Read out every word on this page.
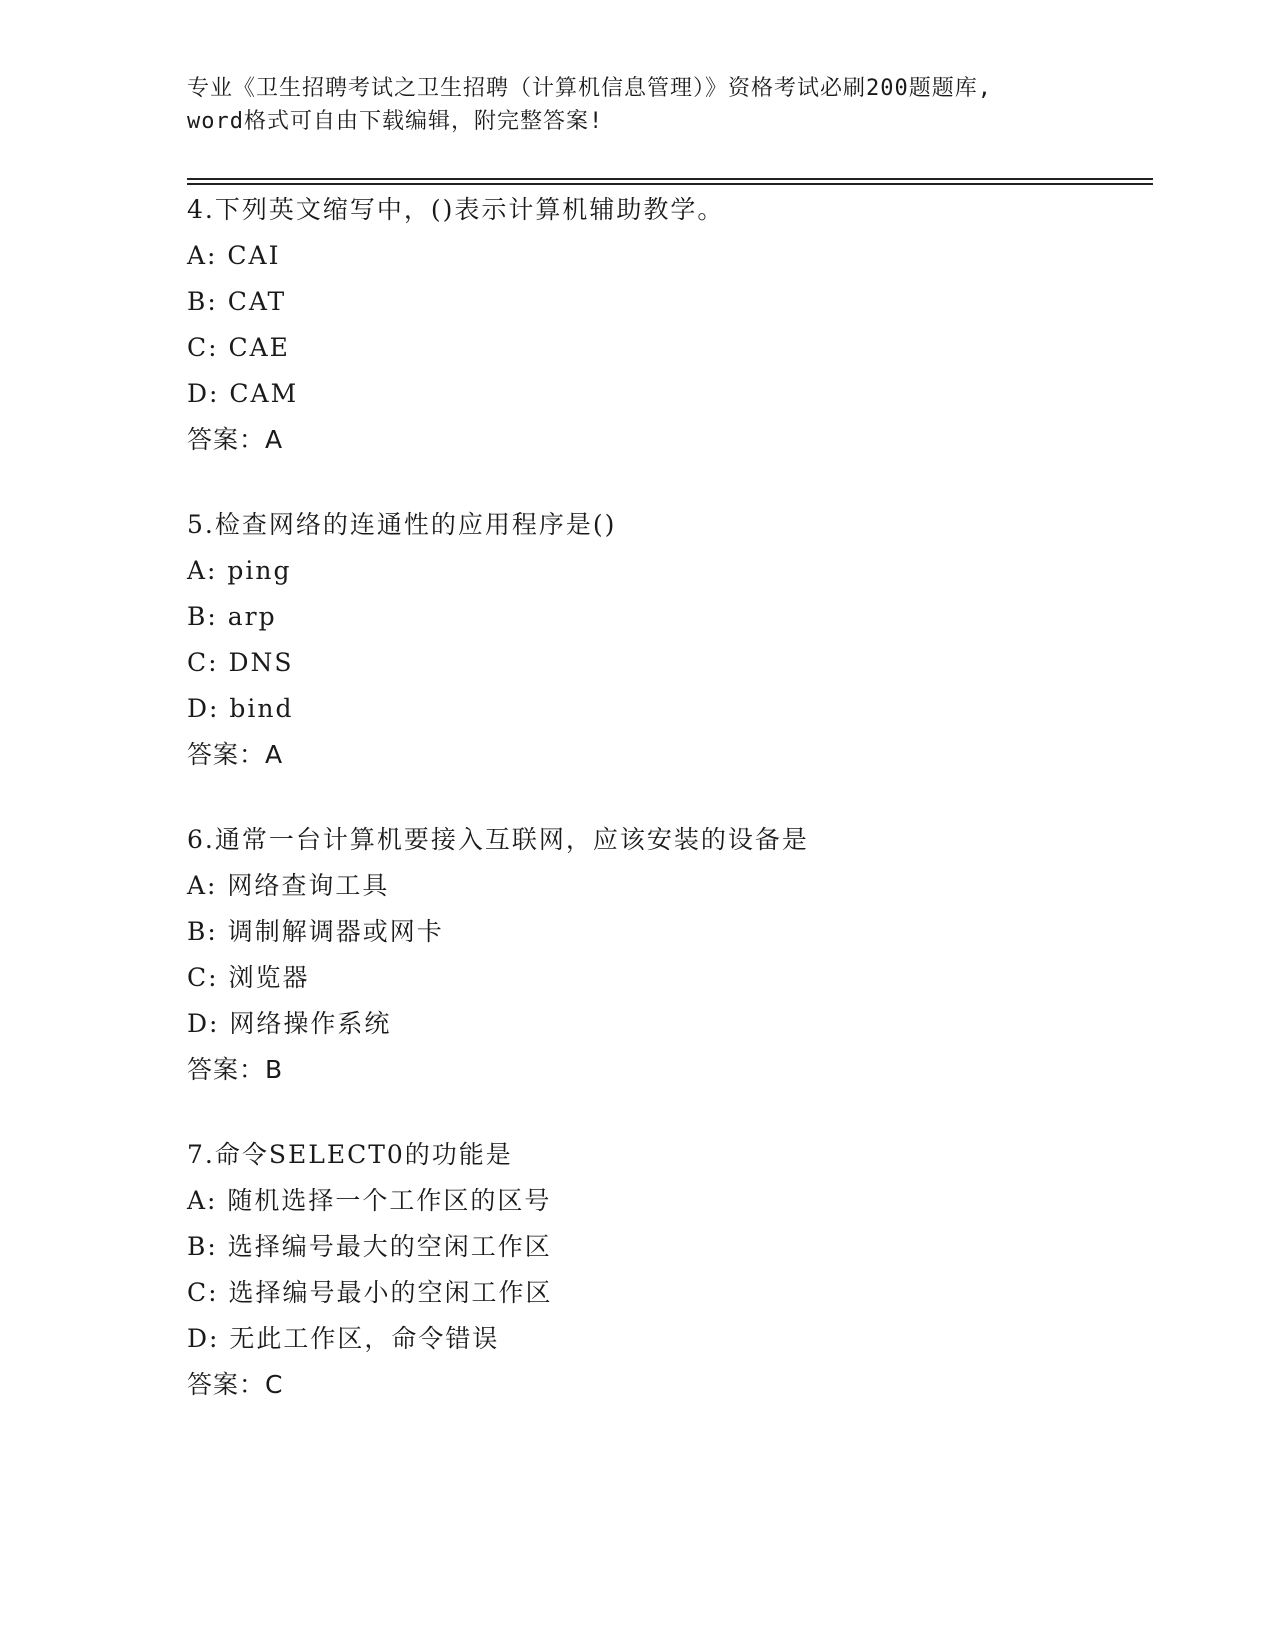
专业《卫生招聘考试之卫生招聘（计算机信息管理）》资格考试必刷200题题库,
word格式可自由下载编辑，附完整答案!
4.下列英文缩写中，()表示计算机辅助教学。
A: CAI
B: CAT
C: CAE
D: CAM
答案：A
5.检查网络的连通性的应用程序是()
A: ping
B: arp
C: DNS
D: bind
答案：A
6.通常一台计算机要接入互联网，应该安装的设备是
A: 网络查询工具
B: 调制解调器或网卡
C: 浏览器
D: 网络操作系统
答案：B
7.命令SELECT0的功能是
A: 随机选择一个工作区的区号
B: 选择编号最大的空闲工作区
C: 选择编号最小的空闲工作区
D: 无此工作区，命令错误
答案：C
